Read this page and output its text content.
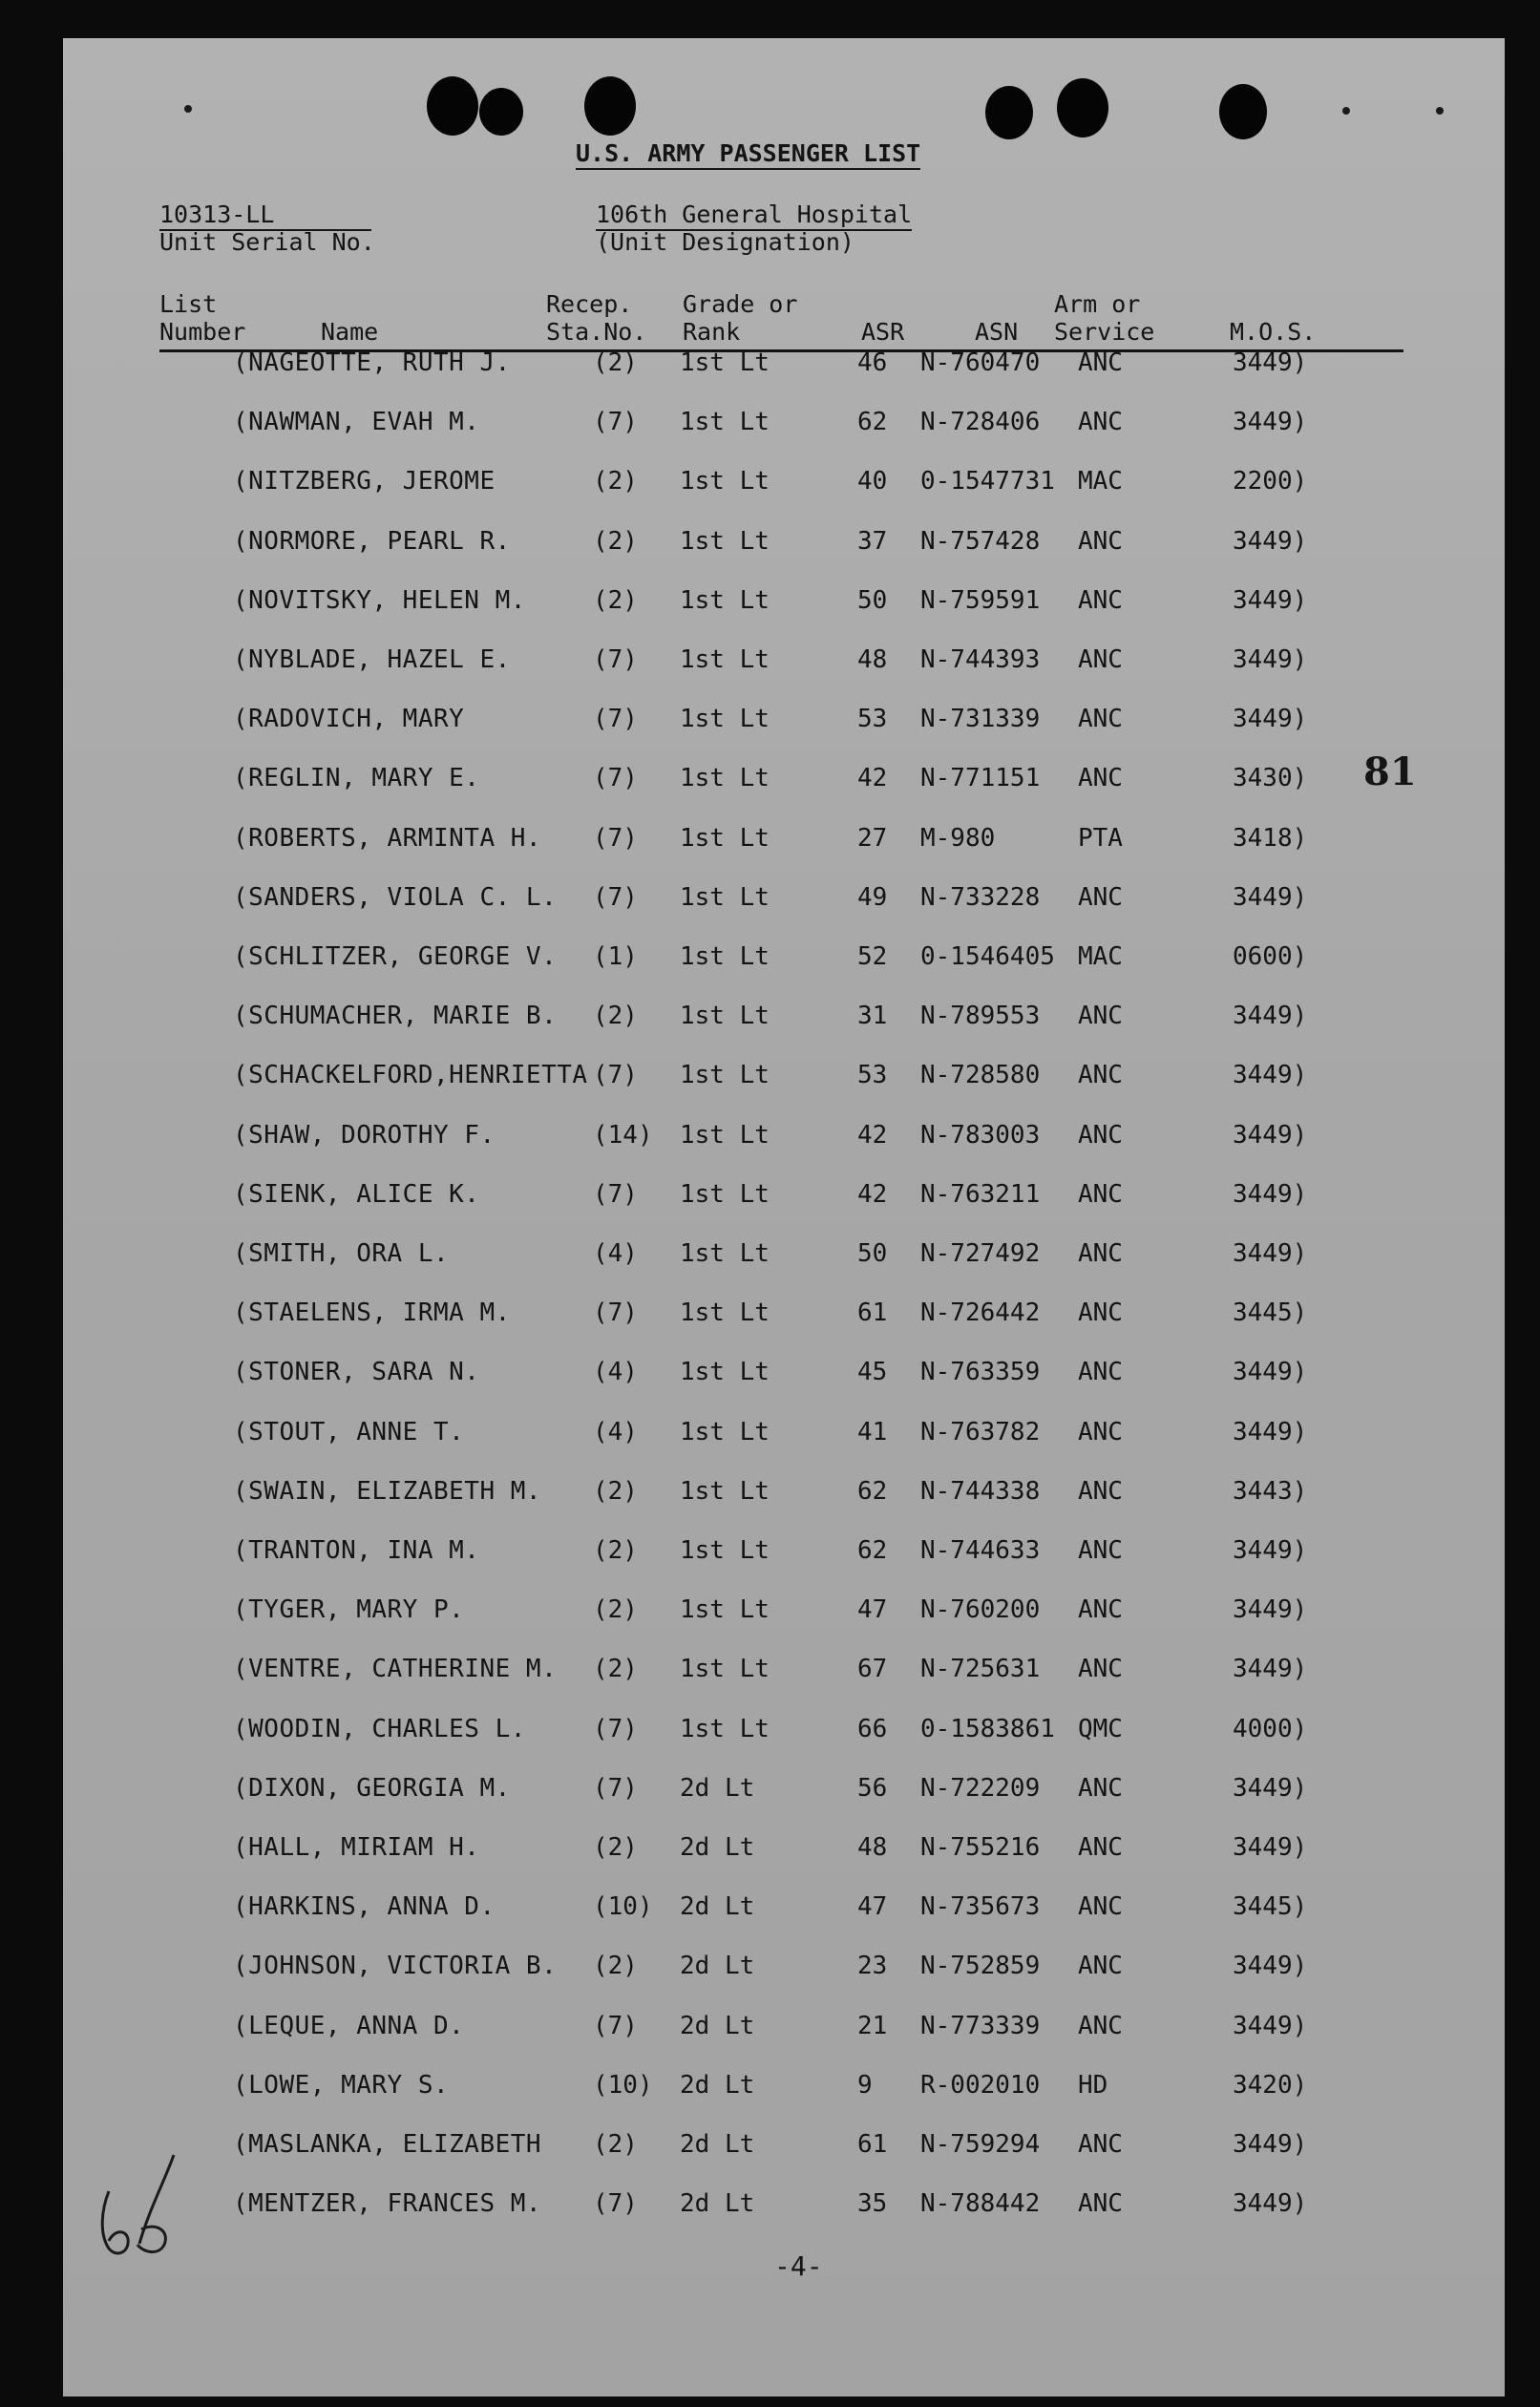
U.S. ARMY PASSENGER LIST
10313-LL
Unit Serial No.
106th General Hospital
(Unit Designation)
List
Number	Name
Recep.
Sta.No.
Grade or
Rank	ASR	ASN
Arm or
Service	M.O.S.
(NAGEOTTE, RUTH J.	(2) 1st Lt	46 N-760470 ANC	3449)
(NAWMAN, EVAH M.	(7) 1st Lt	62 N-728406 ANC	3449)
(NITZBERG, JEROME	(2) 1st Lt	40 0-1547731 MAC	2200)
(NORMORE, PEARL R.	(2) 1st Lt	37 N-757428 ANC	3449)
(NOVITSKY, HELEN M.	(2) 1st Lt	50 N-759591 ANC	3449)
(NYBLADE, HAZEL E.	(7) 1st Lt	48 N-744393 ANC	3449)
(RADOVICH, MARY	(7) 1st Lt	53 N-731339 ANC	3449)
(REGLIN, MARY E.	(7) 1st Lt	42 N-771151 ANC	3430)
(ROBERTS, ARMINTA H. (7) 1st Lt	27 M-980	PTA	3418)
(SANDERS, VIOLA C. L. (7) 1st Lt	49 N-733228 ANC	3449)
(SCHLITZER, GEORGE V. (1) 1st Lt	52 0-1546405 MAC	0600)
(SCHUMACHER, MARIE B. (2) 1st Lt	31 N-789553 ANC	3449)
(SCHACKELFORD,HENRIETTA (7) 1st Lt	53 N-728580 ANC	3449)
(SHAW, DOROTHY F.	(14) 1st Lt	42 N-783003 ANC	3449)
(SIENK, ALICE K.	(7) 1st Lt	42 N-763211 ANC	3449)
(SMITH, ORA L.	(4) 1st Lt	50 N-727492 ANC	3449)
(STAELENS, IRMA M.	(7) 1st Lt	61 N-726442 ANC	3445)
(STONER, SARA N.	(4) 1st Lt	45 N-763359 ANC	3449)
(STOUT, ANNE T.	(4) 1st Lt	41 N-763782 ANC	3449)
(SWAIN, ELIZABETH M. (2) 1st Lt	62 N-744338 ANC	3443)
(TRANTON, INA M.	(2) 1st Lt	62 N-744633 ANC	3449)
(TYGER, MARY P.	(2) 1st Lt	47 N-760200 ANC	3449)
(VENTRE, CATHERINE M. (2) 1st Lt	67 N-725631 ANC	3449)
(WOODIN, CHARLES L.	(7) 1st Lt	66 0-1583861 QMC	4000)
(DIXON, GEORGIA M.	(7) 2d Lt	56 N-722209 ANC	3449)
(HALL, MIRIAM H.	(2) 2d Lt	48 N-755216 ANC	3449)
(HARKINS, ANNA D.	(10) 2d Lt	47 N-735673 ANC	3445)
(JOHNSON, VICTORIA B. (2) 2d Lt	23 N-752859 ANC	3449)
(LEQUE, ANNA D.	(7) 2d Lt	21 N-773339 ANC	3449)
(LOWE, MARY S.	(10) 2d Lt	9 R-002010 HD	3420)
(MASLANKA, ELIZABETH (2) 2d Lt	61 N-759294 ANC	3449)
(MENTZER, FRANCES M. (7) 2d Lt	35 N-788442 ANC	3449)
81
-4-
